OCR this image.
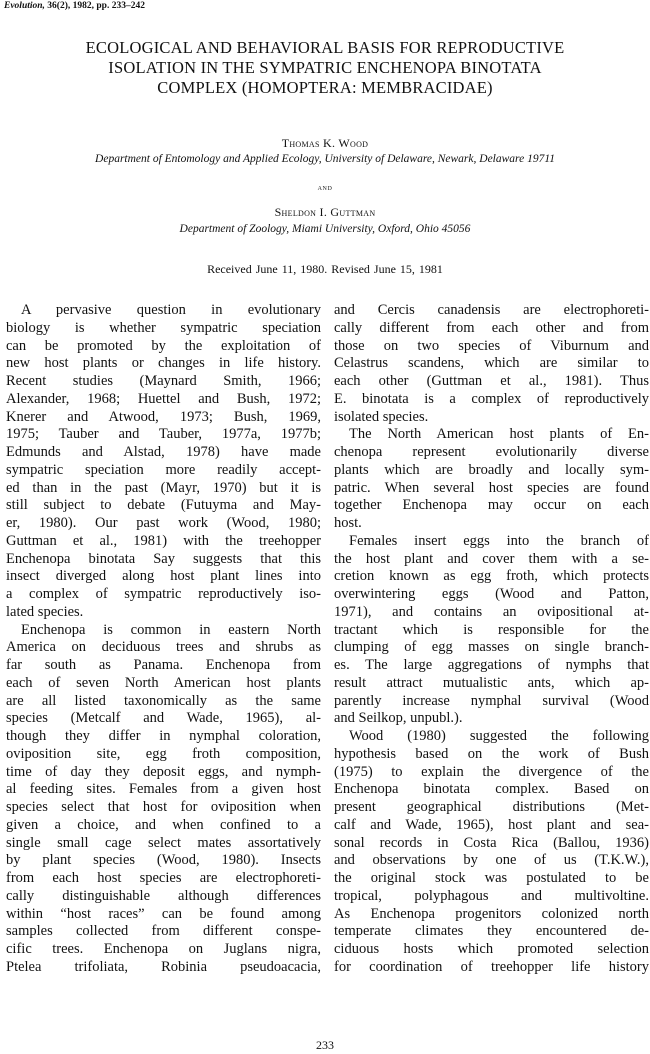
Evolution, 36(2), 1982, pp. 233–242

ECOLOGICAL AND BEHAVIORAL BASIS FOR REPRODUCTIVE
ISOLATION IN THE SYMPATRIC ENCHENOPA BINOTATA
COMPLEX (HOMOPTERA: MEMBRACIDAE)

Thomas K. Wood

Department of Entomology and Applied Ecology, University of Delaware, Newark, Delaware 19711

and

Sheldon I. Guttman

Department of Zoology, Miami University, Oxford, Ohio 45056

Received June 11, 1980. Revised June 15, 1981

A pervasive question in evolutionary
biology is whether sympatric speciation
can be promoted by the exploitation of
new host plants or changes in life history.
Recent studies (Maynard Smith, 1966;
Alexander, 1968; Huettel and Bush, 1972;
Knerer and Atwood, 1973; Bush, 1969,
1975; Tauber and Tauber, 1977a, 1977b;
Edmunds and Alstad, 1978) have made
sympatric speciation more readily accept-
ed than in the past (Mayr, 1970) but it is
still subject to debate (Futuyma and May-
er, 1980). Our past work (Wood, 1980;
Guttman et al., 1981) with the treehopper
Enchenopa binotata Say suggests that this
insect diverged along host plant lines into
a complex of sympatric reproductively iso-
lated species.

Enchenopa is common in eastern North
America on deciduous trees and shrubs as
far south as Panama. Enchenopa from
each of seven North American host plants
are all listed taxonomically as the same
species (Metcalf and Wade, 1965), al-
though they differ in nymphal coloration,
oviposition site, egg froth composition,
time of day they deposit eggs, and nymph-
al feeding sites. Females from a given host
species select that host for oviposition when
given a choice, and when confined to a
single small cage select mates assortatively
by plant species (Wood, 1980). Insects
from each host species are electrophoreti-
cally distinguishable although differences
within “host races” can be found among
samples collected from different conspe-
cific trees. Enchenopa on Juglans nigra,
Ptelea trifoliata, Robinia pseudoacacia,

and Cercis canadensis are electrophoreti-
cally different from each other and from
those on two species of Viburnum and
Celastrus scandens, which are similar to
each other (Guttman et al., 1981). Thus
E. binotata is a complex of reproductively
isolated species.

The North American host plants of En-
chenopa represent evolutionarily diverse
plants which are broadly and locally sym-
patric. When several host species are found
together Enchenopa may occur on each
host.

Females insert eggs into the branch of
the host plant and cover them with a se-
cretion known as egg froth, which protects
overwintering eggs (Wood and Patton,
1971), and contains an ovipositional at-
tractant which is responsible for the
clumping of egg masses on single branch-
es. The large aggregations of nymphs that
result attract mutualistic ants, which ap-
parently increase nymphal survival (Wood
and Seilkop, unpubl.).

Wood (1980) suggested the following
hypothesis based on the work of Bush
(1975) to explain the divergence of the
Enchenopa binotata complex. Based on
present geographical distributions (Met-
calf and Wade, 1965), host plant and sea-
sonal records in Costa Rica (Ballou, 1936)
and observations by one of us (T.K.W.),
the original stock was postulated to be
tropical, polyphagous and multivoltine.
As Enchenopa progenitors colonized north
temperate climates they encountered de-
ciduous hosts which promoted selection
for coordination of treehopper life history

233
